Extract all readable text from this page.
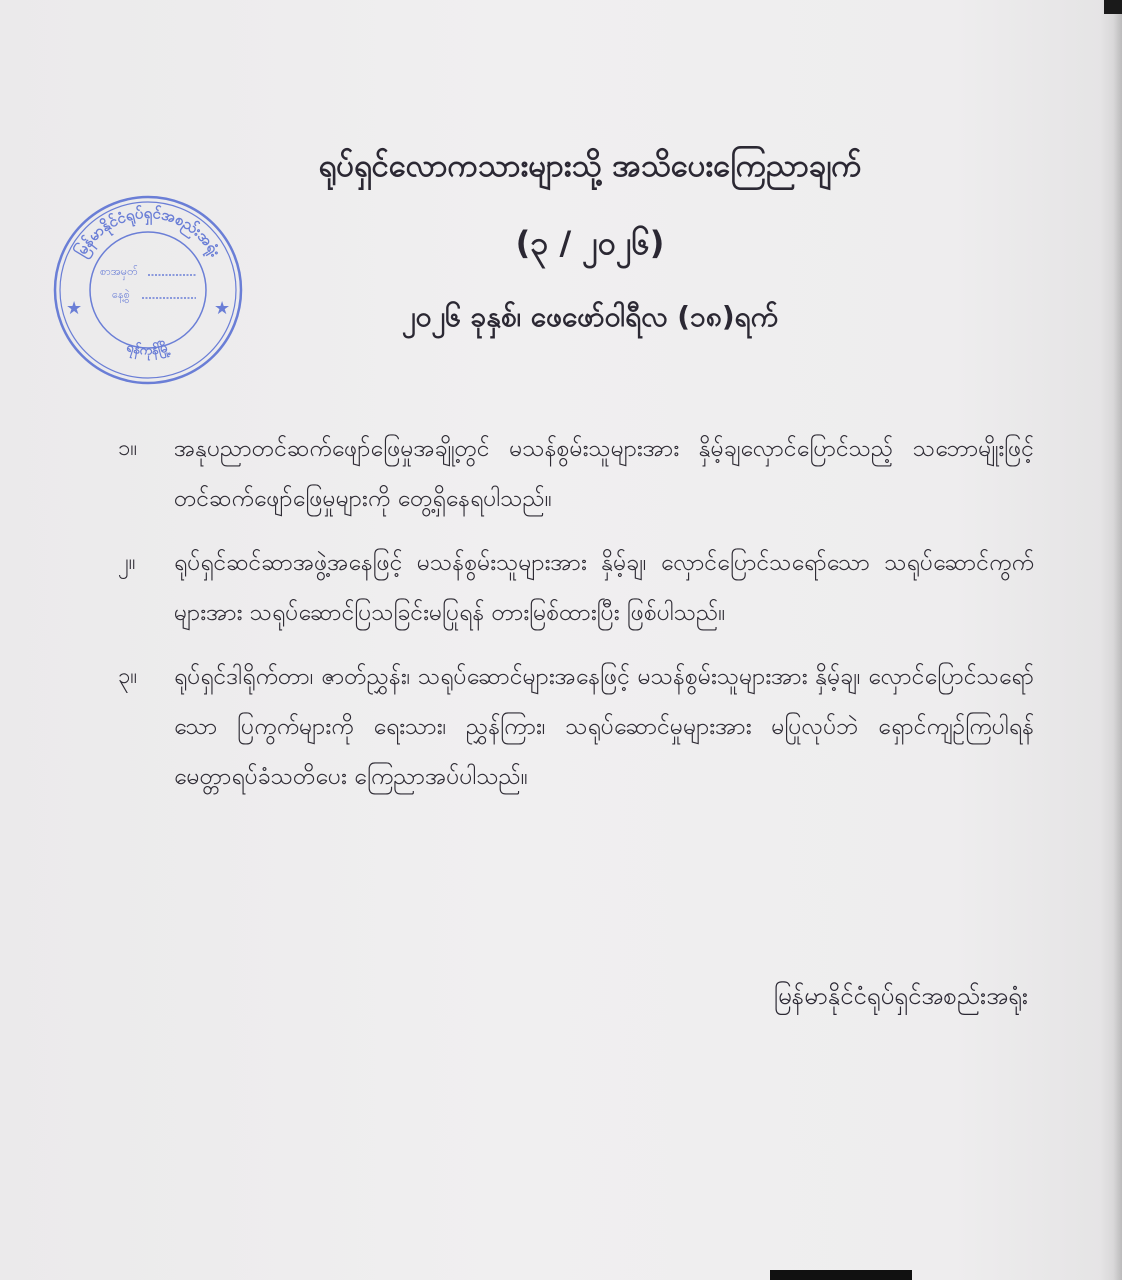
မြန်မာနိုင်ငံရုပ်ရှင်အစည်းအရုံး
ရန်ကုန်မြို့
စာအမှတ်
နေ့စွဲ
★	★
ရုပ်ရှင်လောကသားများသို့ အသိပေးကြေညာချက်
(၃ / ၂၀၂၆)
၂၀၂၆ ခုနှစ်၊ ဖေဖော်ဝါရီလ (၁၈)ရက်
၁။	အနုပညာတင်ဆက်ဖျော်ဖြေမှုအချို့တွင် မသန်စွမ်းသူများအား နှိမ့်ချလှောင်ပြောင်သည့် သဘောမျိုးဖြင့် တင်ဆက်ဖျော်ဖြေမှုများကို တွေ့ရှိနေရပါသည်။
၂။	ရုပ်ရှင်ဆင်ဆာအဖွဲ့အနေဖြင့် မသန်စွမ်းသူများအား နှိမ့်ချ၊ လှောင်ပြောင်သရော်သော သရုပ်ဆောင်ကွက်များအား သရုပ်ဆောင်ပြသခြင်းမပြုရန် တားမြစ်ထားပြီး ဖြစ်ပါသည်။
၃။	ရုပ်ရှင်ဒါရိုက်တာ၊ ဇာတ်ညွှန်း၊ သရုပ်ဆောင်များအနေဖြင့် မသန်စွမ်းသူများအား နှိမ့်ချ၊ လှောင်ပြောင်သရော်သော ပြကွက်များကို ရေးသား၊ ညွှန်ကြား၊ သရုပ်ဆောင်မှုများအား မပြုလုပ်ဘဲ ရှောင်ကျဉ်ကြပါရန် မေတ္တာရပ်ခံသတိပေး ကြေညာအပ်ပါသည်။
မြန်မာနိုင်ငံရုပ်ရှင်အစည်းအရုံး
